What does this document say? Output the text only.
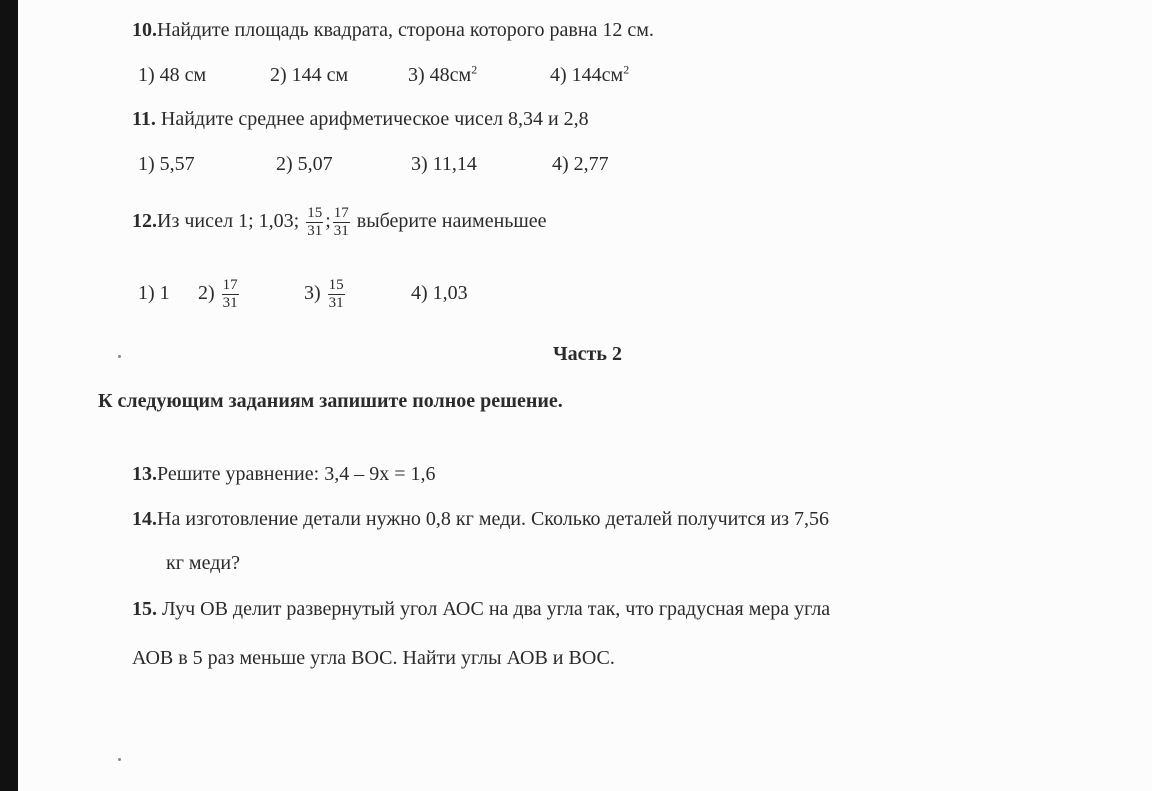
10.Найдите площадь квадрата, сторона которого равна 12 см.
1) 48 см	2) 144 см	3) $48см^2$	4) $144см^2$
11. Найдите среднее арифметическое чисел 8,34 и 2,8
1) 5,57	2) 5,07	3) 11,14	4) 2,77
12.Из чисел 1; 1,03; $\frac{15}{31}$ ; $\frac{17}{31}$ выберите наименьшее
1) 1 $2) \frac{17}{31}$	$3) \frac{15}{31}$	4) 1,03
Часть 2
К следующим заданиям запишите полное решение.
13.Решите уравнение: 3,4 – 9х = 1,6
14.На изготовление детали нужно 0,8 кг меди. Сколько деталей получится из 7,56
кг меди?
15. Луч ОВ делит развернутый угол АОС на два угла так, что градусная мера угла
АОВ в 5 раз меньше угла ВОС. Найти углы АОВ и ВОС.
